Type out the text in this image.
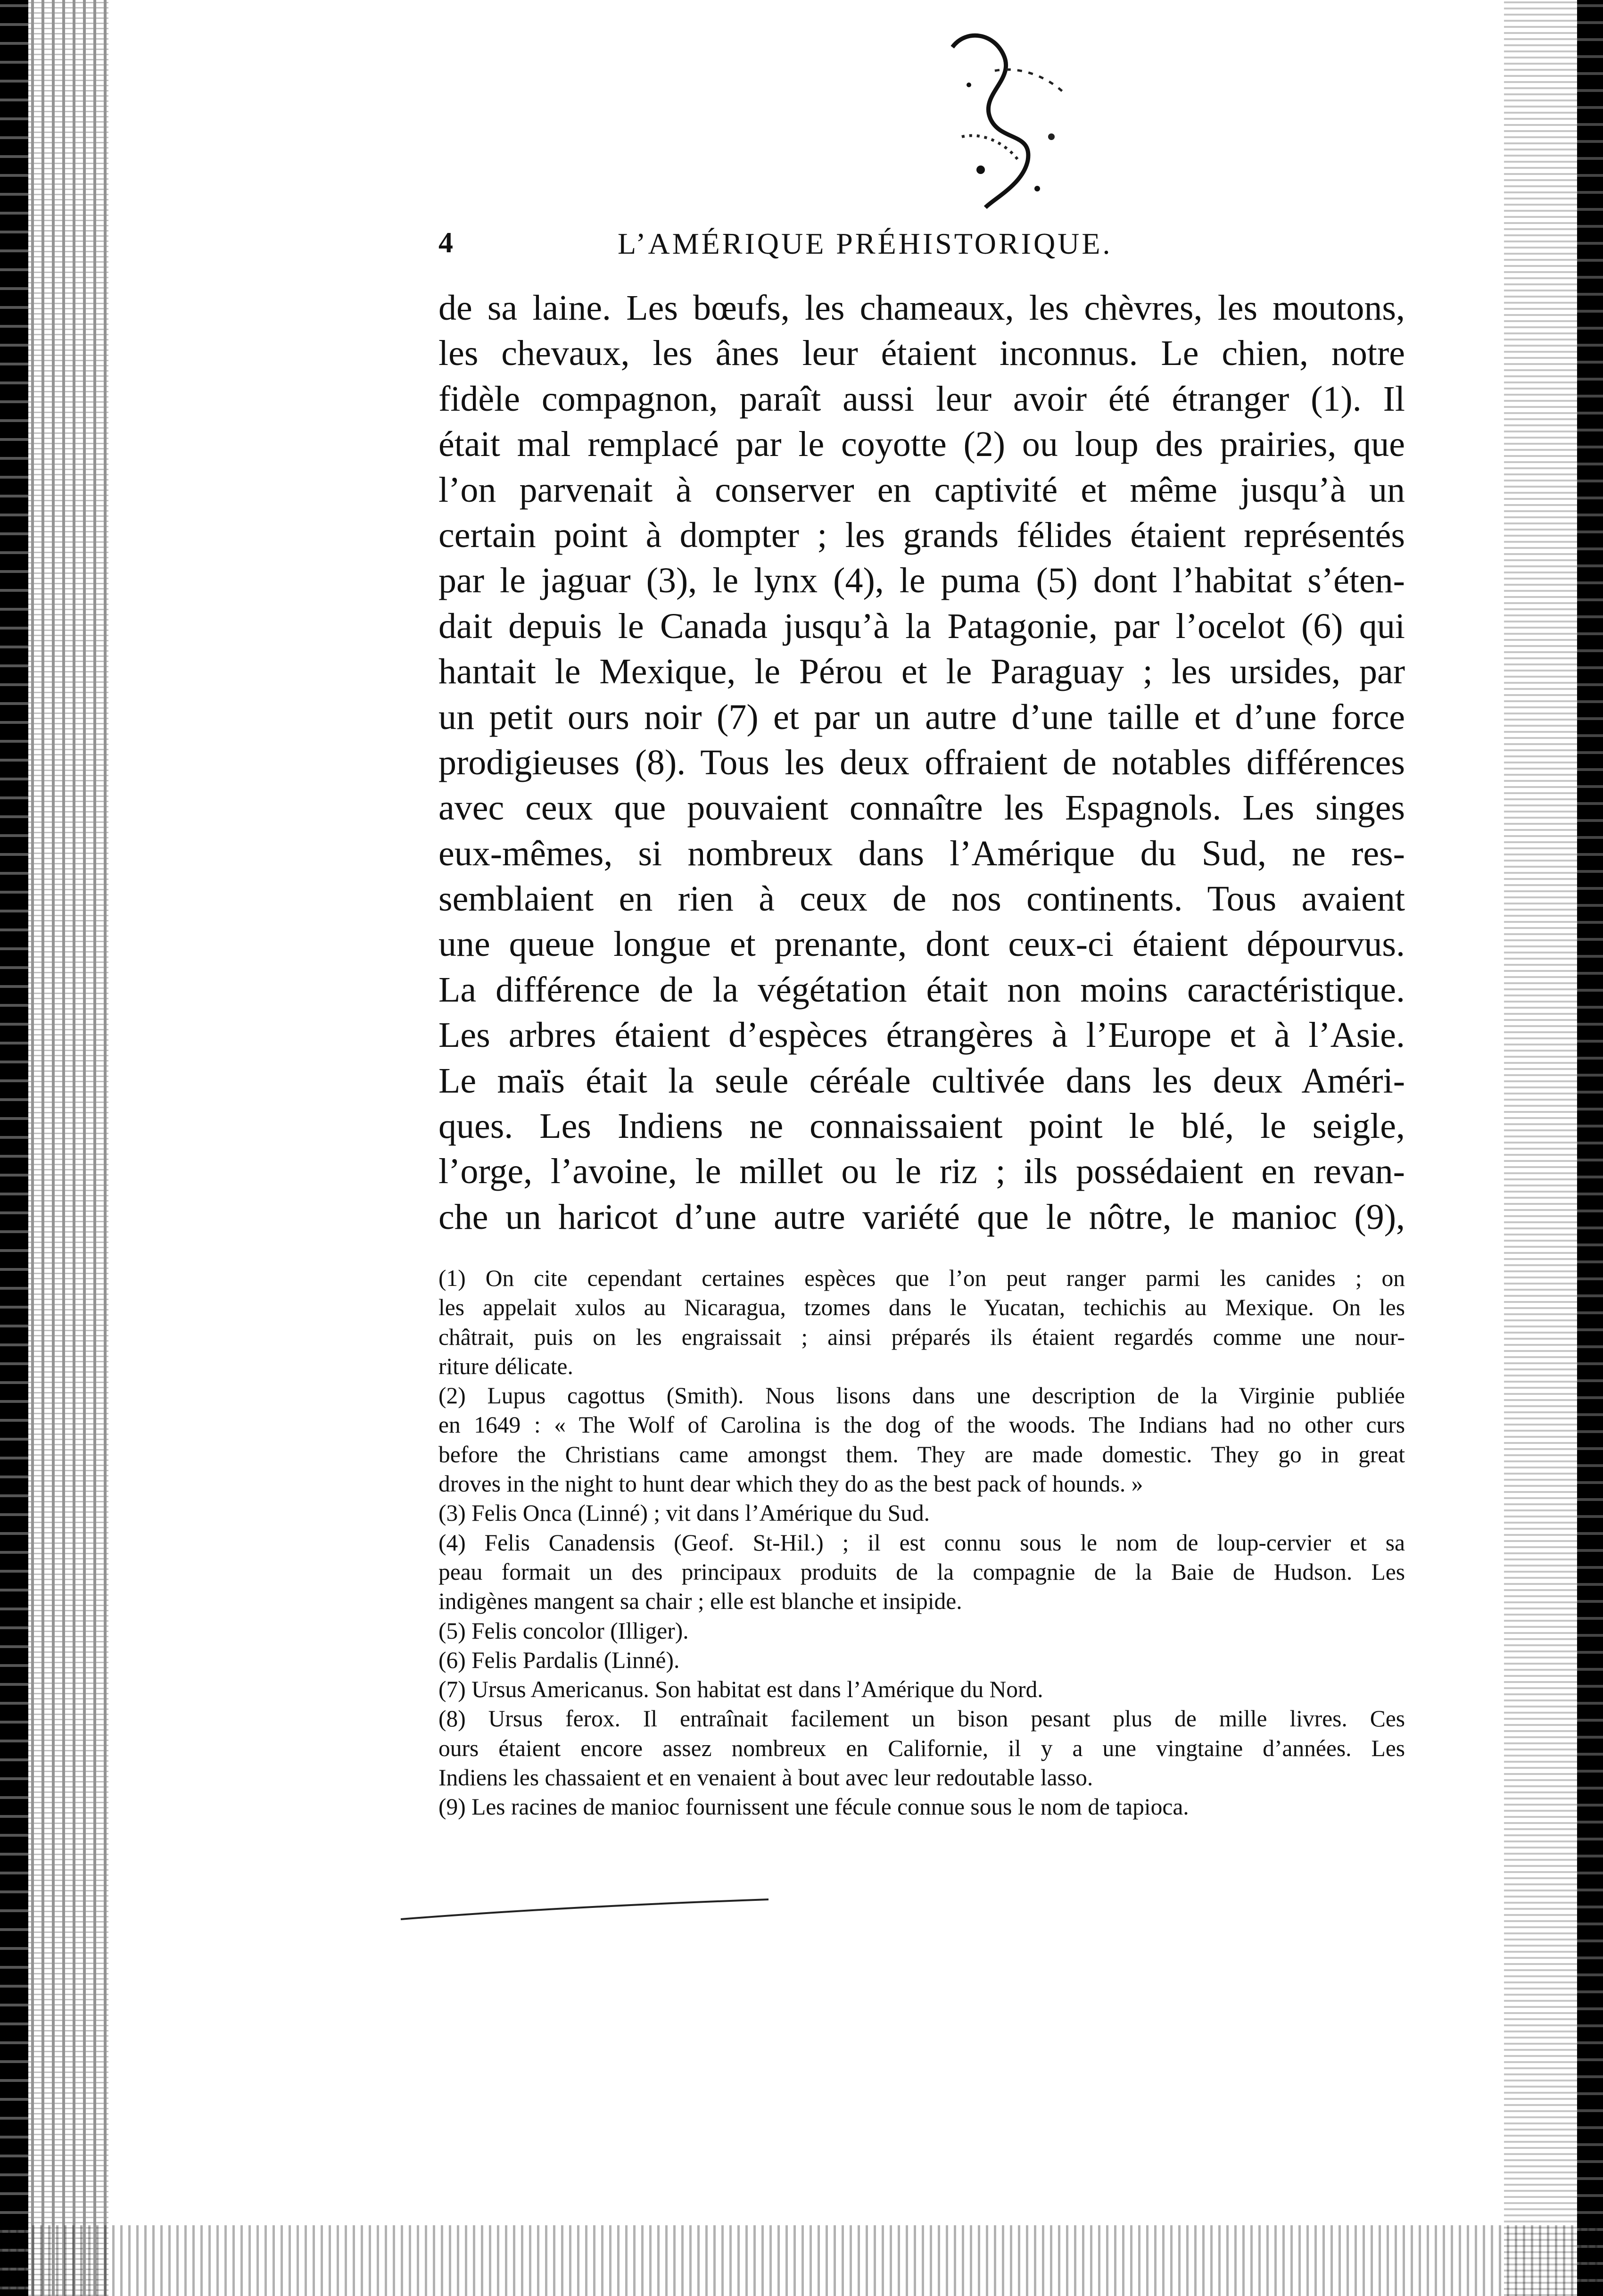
4	L’AMÉRIQUE PRÉHISTORIQUE.
de sa laine. Les bœufs, les chameaux, les chèvres, les moutons,
les chevaux, les ânes leur étaient inconnus. Le chien, notre
fidèle compagnon, paraît aussi leur avoir été étranger (1). Il
était mal remplacé par le coyotte (2) ou loup des prairies, que
l’on parvenait à conserver en captivité et même jusqu’à un
certain point à dompter ; les grands félides étaient représentés
par le jaguar (3), le lynx (4), le puma (5) dont l’habitat s’éten-
dait depuis le Canada jusqu’à la Patagonie, par l’ocelot (6) qui
hantait le Mexique, le Pérou et le Paraguay ; les ursides, par
un petit ours noir (7) et par un autre d’une taille et d’une force
prodigieuses (8). Tous les deux offraient de notables différences
avec ceux que pouvaient connaître les Espagnols. Les singes
eux-mêmes, si nombreux dans l’Amérique du Sud, ne res-
semblaient en rien à ceux de nos continents. Tous avaient
une queue longue et prenante, dont ceux-ci étaient dépourvus.
La différence de la végétation était non moins caractéristique.
Les arbres étaient d’espèces étrangères à l’Europe et à l’Asie.
Le maïs était la seule céréale cultivée dans les deux Améri-
ques. Les Indiens ne connaissaient point le blé, le seigle,
l’orge, l’avoine, le millet ou le riz ; ils possédaient en revan-
che un haricot d’une autre variété que le nôtre, le manioc (9),
(1) On cite cependant certaines espèces que l’on peut ranger parmi les canides ; on
les appelait xulos au Nicaragua, tzomes dans le Yucatan, techichis au Mexique. On les
châtrait, puis on les engraissait ; ainsi préparés ils étaient regardés comme une nour-
riture délicate.
(2) Lupus cagottus (Smith). Nous lisons dans une description de la Virginie publiée
en 1649 : « The Wolf of Carolina is the dog of the woods. The Indians had no other curs
before the Christians came amongst them. They are made domestic. They go in great
droves in the night to hunt dear which they do as the best pack of hounds. »
(3) Felis Onca (Linné) ; vit dans l’Amérique du Sud.
(4) Felis Canadensis (Geof. St-Hil.) ; il est connu sous le nom de loup-cervier et sa
peau formait un des principaux produits de la compagnie de la Baie de Hudson. Les
indigènes mangent sa chair ; elle est blanche et insipide.
(5) Felis concolor (Illiger).
(6) Felis Pardalis (Linné).
(7) Ursus Americanus. Son habitat est dans l’Amérique du Nord.
(8) Ursus ferox. Il entraînait facilement un bison pesant plus de mille livres. Ces
ours étaient encore assez nombreux en Californie, il y a une vingtaine d’années. Les
Indiens les chassaient et en venaient à bout avec leur redoutable lasso.
(9) Les racines de manioc fournissent une fécule connue sous le nom de tapioca.
